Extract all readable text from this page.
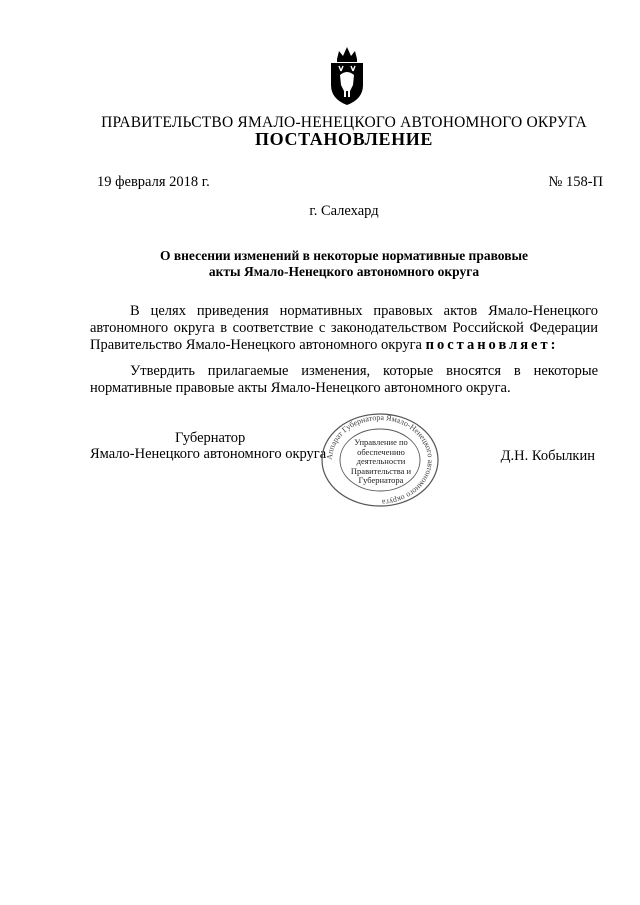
ПРАВИТЕЛЬСТВО ЯМАЛО-НЕНЕЦКОГО АВТОНОМНОГО ОКРУГА
ПОСТАНОВЛЕНИЕ
19 февраля 2018 г.	№ 158-П
г. Салехард
О внесении изменений в некоторые нормативные правовые
акты Ямало-Ненецкого автономного округа
В целях приведения нормативных правовых актов Ямало-Ненецкого автономного округа в соответствие с законодательством Российской Федерации Правительство Ямало-Ненецкого автономного округа постановляет:
Утвердить прилагаемые изменения, которые вносятся в некоторые нормативные правовые акты Ямало-Ненецкого автономного округа.
Губернатор
Ямало-Ненецкого автономного округа	Д.Н. Кобылкин
Аппарат Губернатора Ямало-Ненецкого автономного округа
Управление по обеспечению деятельности Правительства и Губернатора
